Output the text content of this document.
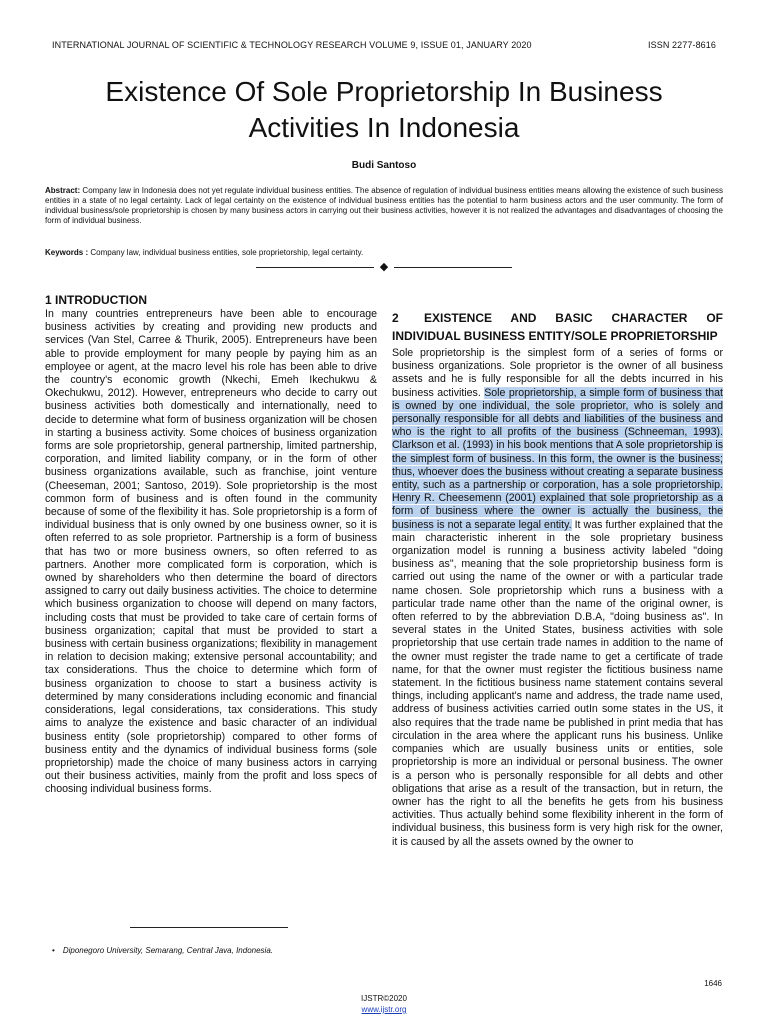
INTERNATIONAL JOURNAL OF SCIENTIFIC & TECHNOLOGY RESEARCH VOLUME 9, ISSUE 01, JANUARY 2020	ISSN 2277-8616
Existence Of Sole Proprietorship In Business
Activities In Indonesia
Budi Santoso
Abstract: Company law in Indonesia does not yet regulate individual business entities. The absence of regulation of individual business entities means allowing the existence of such business entities in a state of no legal certainty. Lack of legal certainty on the existence of individual business entities has the potential to harm business actors and the user community. The form of individual business/sole proprietorship is chosen by many business actors in carrying out their business activities, however it is not realized the advantages and disadvantages of choosing the form of individual business.
Keywords : Company law, individual business entities, sole proprietorship, legal certainty.
◆
1 INTRODUCTION

In many countries entrepreneurs have been able to encourage business activities by creating and providing new products and services (Van Stel, Carree & Thurik, 2005). Entrepreneurs have been able to provide employment for many people by paying him as an employee or agent, at the macro level his role has been able to drive the country's economic growth (Nkechi, Emeh Ikechukwu & Okechukwu, 2012). However, entrepreneurs who decide to carry out business activities both domestically and internationally, need to decide to determine what form of business organization will be chosen in starting a business activity. Some choices of business organization forms are sole proprietorship, general partnership, limited partnership, corporation, and limited liability company, or in the form of other business organizations available, such as franchise, joint venture (Cheeseman, 2001; Santoso, 2019). Sole proprietorship is the most common form of business and is often found in the community because of some of the flexibility it has. Sole proprietorship is a form of individual business that is only owned by one business owner, so it is often referred to as sole proprietor. Partnership is a form of business that has two or more business owners, so often referred to as partners. Another more complicated form is corporation, which is owned by shareholders who then determine the board of directors assigned to carry out daily business activities. The choice to determine which business organization to choose will depend on many factors, including costs that must be provided to take care of certain forms of business organization; capital that must be provided to start a business with certain business organizations; flexibility in management in relation to decision making; extensive personal accountability; and tax considerations. Thus the choice to determine which form of business organization to choose to start a business activity is determined by many considerations including economic and financial considerations, legal considerations, tax considerations. This study aims to analyze the existence and basic character of an individual business entity (sole proprietorship) compared to other forms of business entity and the dynamics of individual business forms (sole proprietorship) made the choice of many business actors in carrying out their business activities, mainly from the profit and loss specs of choosing individual business forms.

2 EXISTENCE AND BASIC CHARACTER OF INDIVIDUAL BUSINESS ENTITY/SOLE PROPRIETORSHIP

Sole proprietorship is the simplest form of a series of forms or business organizations. Sole proprietor is the owner of all business assets and he is fully responsible for all the debts incurred in his business activities. Sole proprietorship, a simple form of business that is owned by one individual, the sole proprietor, who is solely and personally responsible for all debts and liabilities of the business and who is the right to all profits of the business (Schneeman, 1993). Clarkson et al. (1993) in his book mentions that A sole proprietorship is the simplest form of business. In this form, the owner is the business; thus, whoever does the business without creating a separate business entity, such as a partnership or corporation, has a sole proprietorship. Henry R. Cheesemenn (2001) explained that sole proprietorship as a form of business where the owner is actually the business, the business is not a separate legal entity. It was further explained that the main characteristic inherent in the sole proprietary business organization model is running a business activity labeled "doing business as", meaning that the sole proprietorship business form is carried out using the name of the owner or with a particular trade name chosen. Sole proprietorship which runs a business with a particular trade name other than the name of the original owner, is often referred to by the abbreviation D.B.A, "doing business as". In several states in the United States, business activities with sole proprietorship that use certain trade names in addition to the name of the owner must register the trade name to get a certificate of trade name, for that the owner must register the fictitious business name statement. In the fictitious business name statement contains several things, including applicant's name and address, the trade name used, address of business activities carried outIn some states in the US, it also requires that the trade name be published in print media that has circulation in the area where the applicant runs his business. Unlike companies which are usually business units or entities, sole proprietorship is more an individual or personal business. The owner is a person who is personally responsible for all debts and other obligations that arise as a result of the transaction, but in return, the owner has the right to all the benefits he gets from his business activities. Thus actually behind some flexibility inherent in the form of individual business, this business form is very high risk for the owner, it is caused by all the assets owned by the owner to

• Diponegoro University, Semarang, Central Java, Indonesia.
1646
IJSTR©2020
www.ijstr.org
